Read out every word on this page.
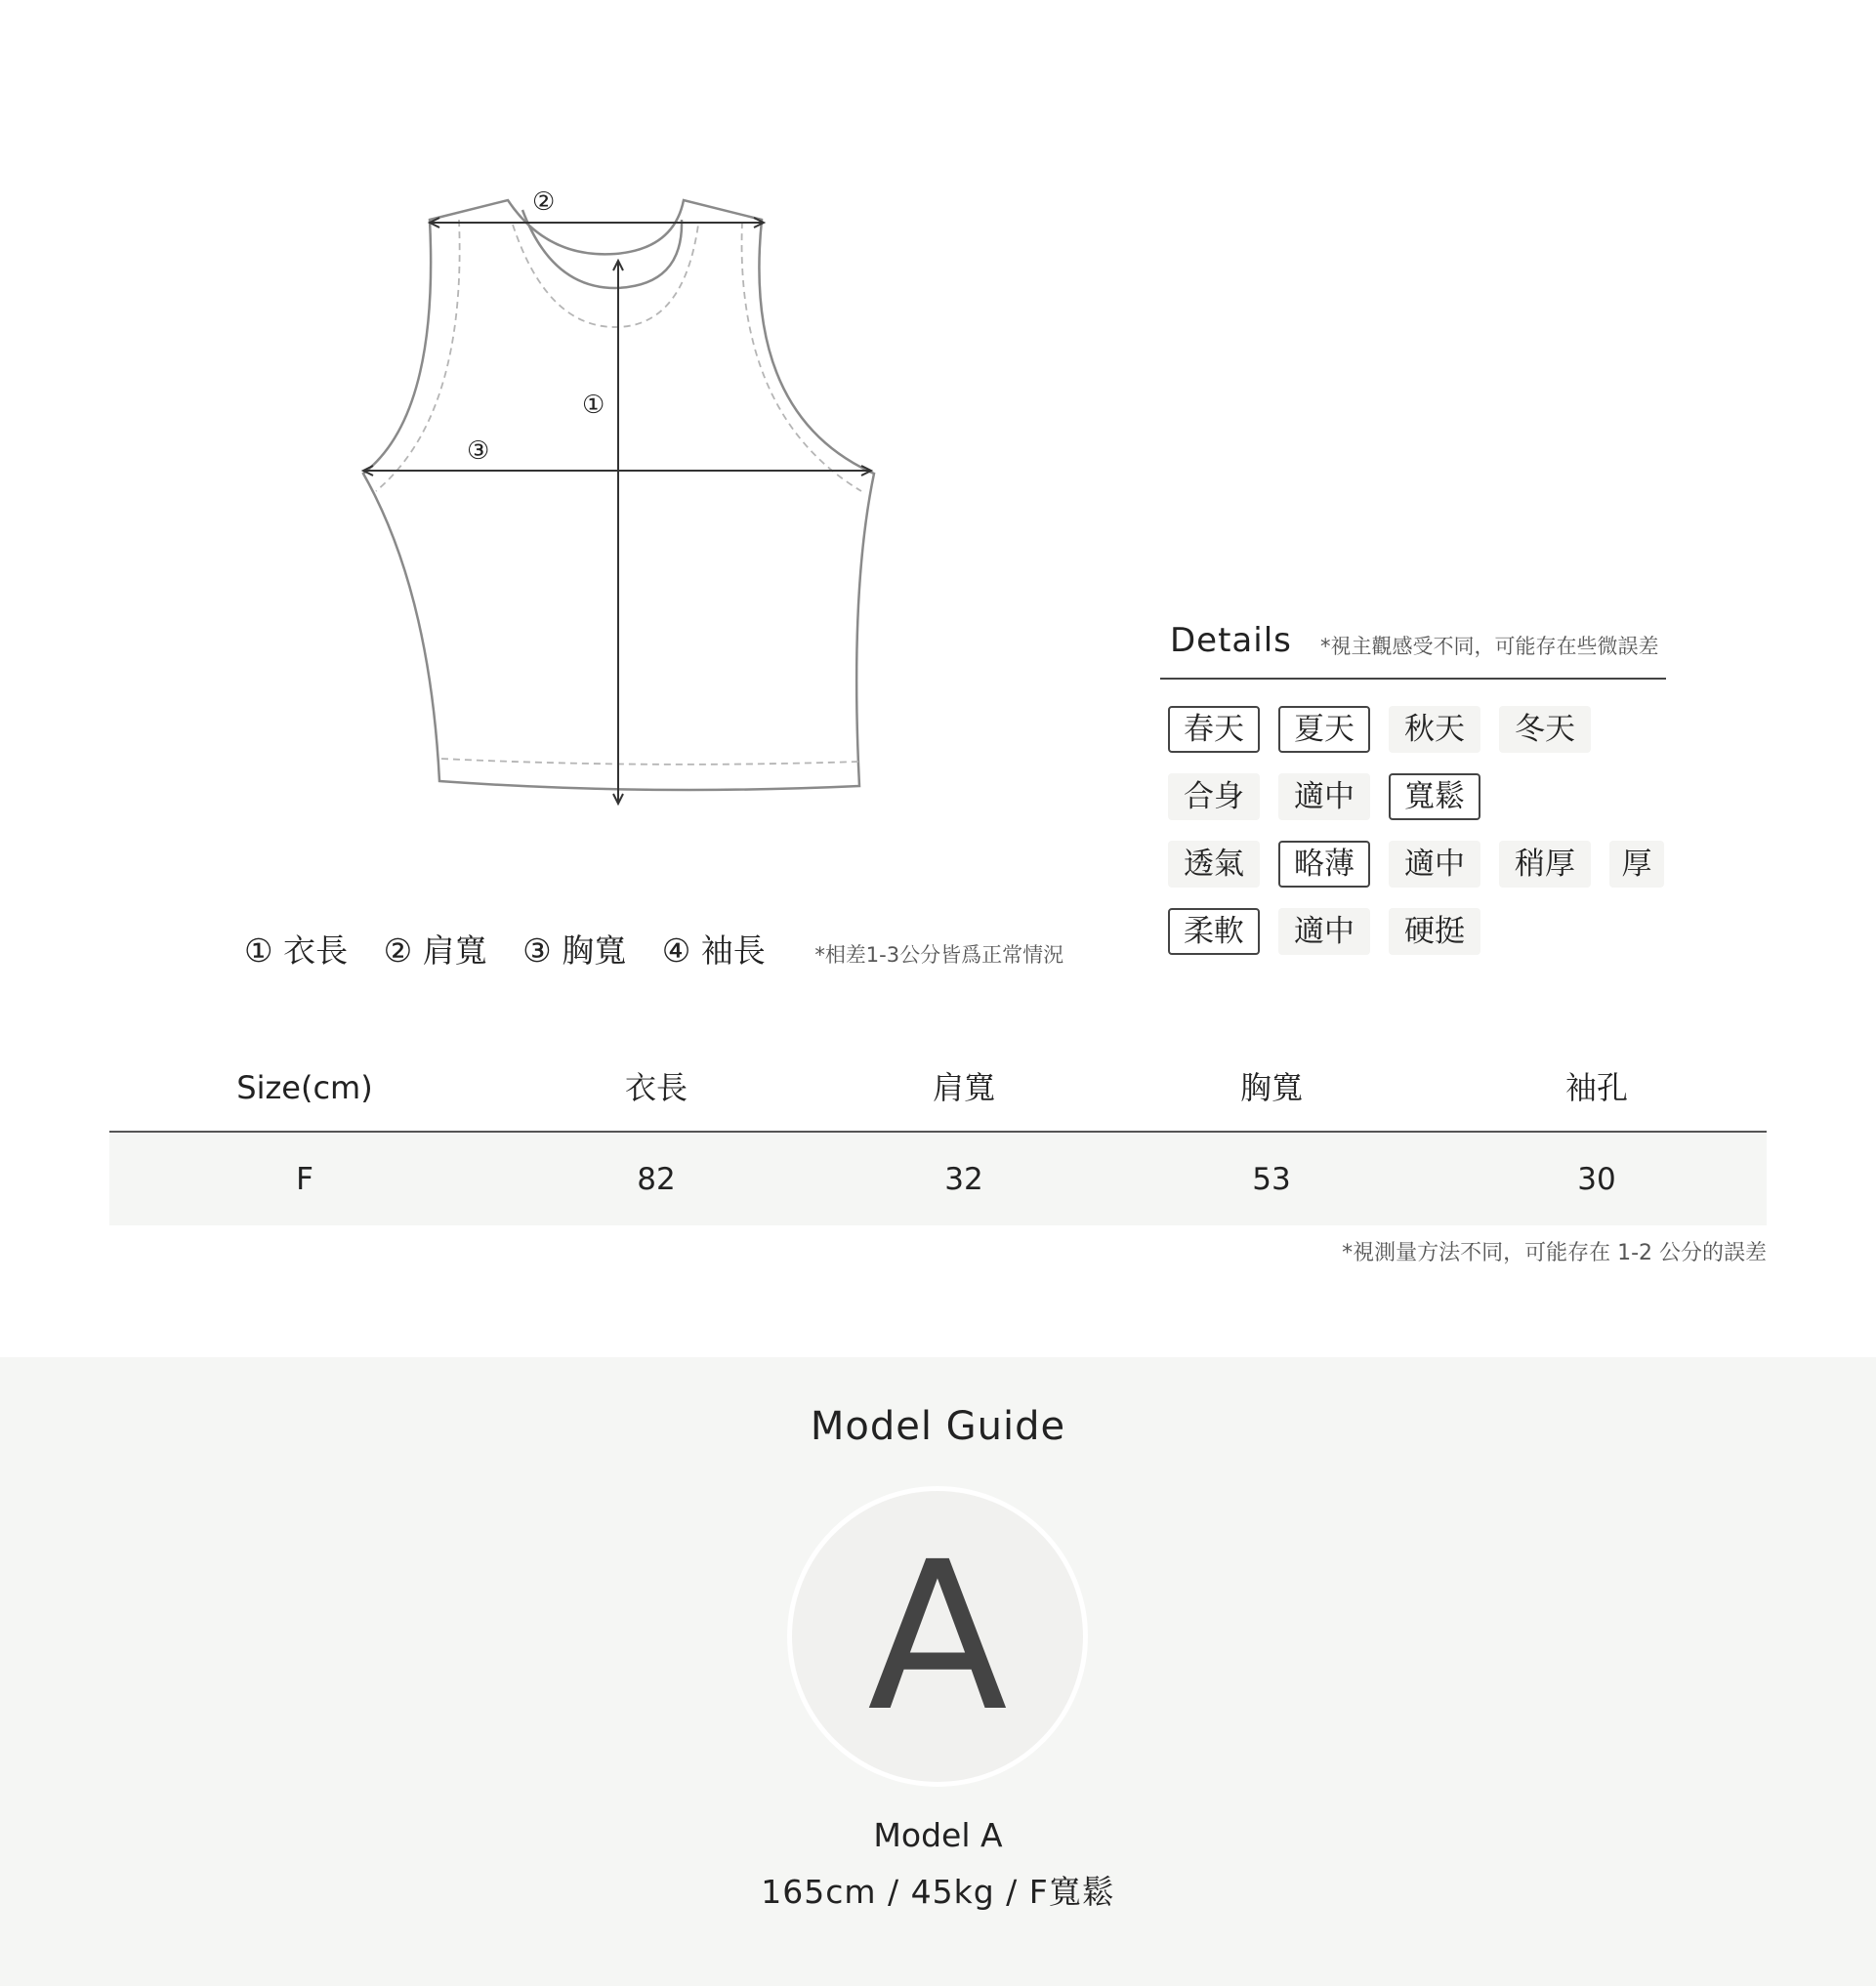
②
①
③
① 衣長 ② 肩寬 ③ 胸寬 ④ 袖長 *相差1-3公分皆爲正常情況
Details *視主觀感受不同，可能存在些微誤差
春天	夏天	秋天	冬天
合身	適中	寬鬆
透氣	略薄	適中	稍厚	厚
柔軟	適中	硬挺
Size(cm)	衣長	肩寬	胸寬	袖孔
F	82	32	53	30
*視測量方法不同，可能存在 1-2 公分的誤差
Model Guide
A
Model A
165cm / 45kg / F寬鬆
